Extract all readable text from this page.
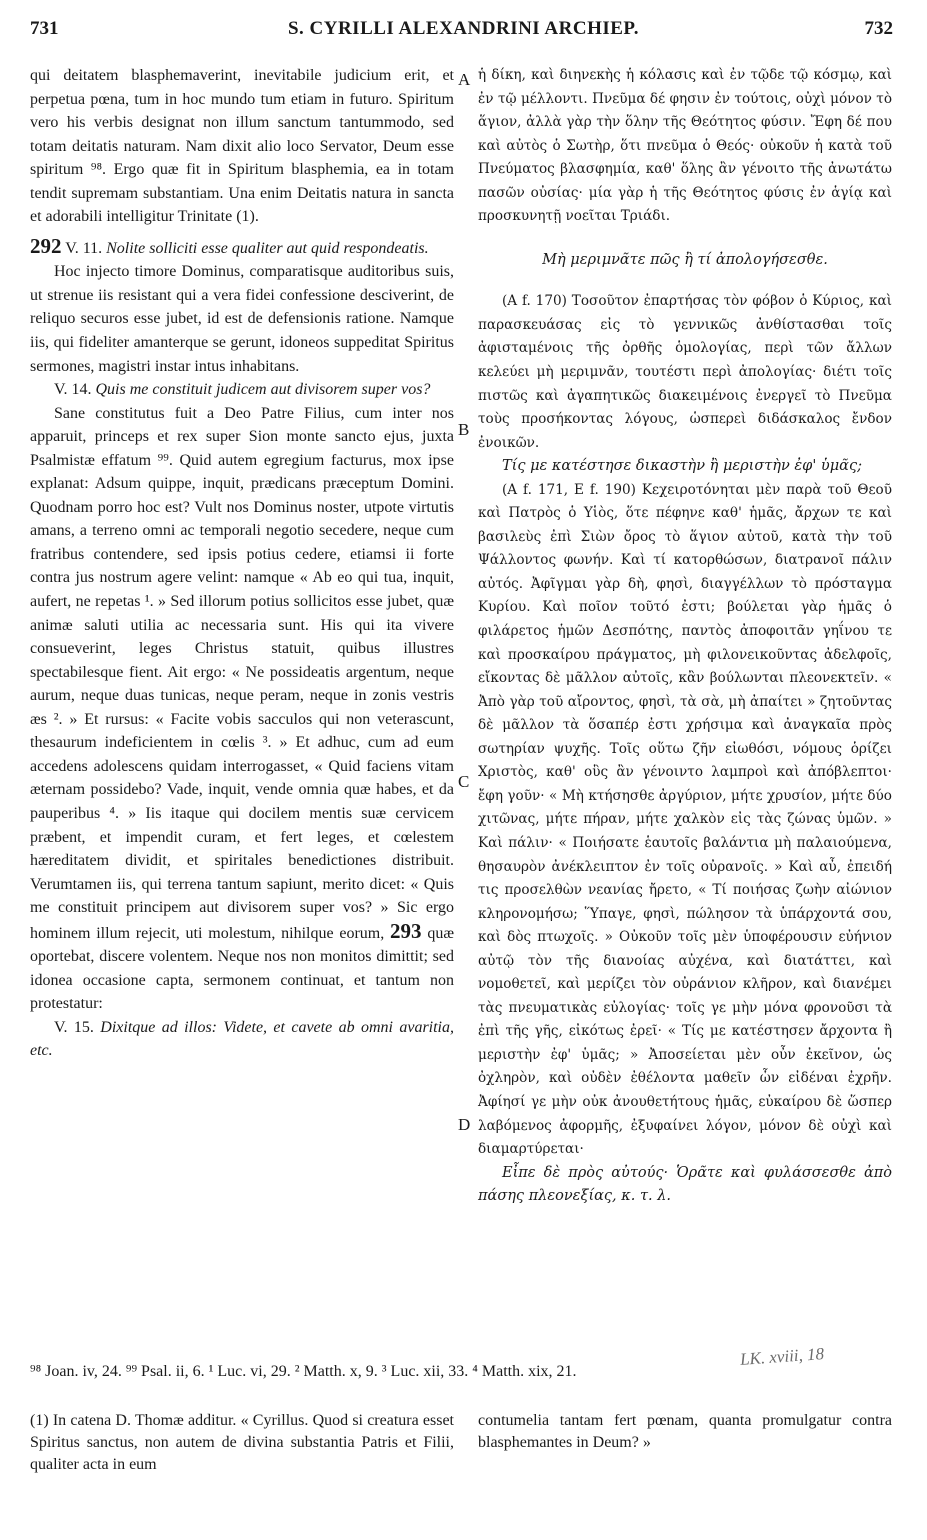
731	S. CYRILLI ALEXANDRINI ARCHIEP.	732

qui deitatem blasphemaverint, inevitabile judicium erit, et perpetua pœna, tum in hoc mundo tum etiam in futuro. Spiritum vero his verbis designat non illum sanctum tantummodo, sed totam deitatis naturam. Nam dixit alio loco Servator, Deum esse spiritum ⁹⁸. Ergo quæ fit in Spiritum blasphemia, ea in totam tendit supremam substantiam. Una enim Deitatis natura in sancta et adorabili intelligitur Trinitate (1).

292 V. 11. Nolite solliciti esse qualiter aut quid respondeatis.

Hoc injecto timore Dominus, comparatisque auditoribus suis, ut strenue iis resistant qui a vera fidei confessione desciverint, de reliquo securos esse jubet, id est de defensionis ratione. Namque iis, qui fideliter amanterque se gerunt, idoneos suppeditat Spiritus sermones, magistri instar intus inhabitans.

V. 14. Quis me constituit judicem aut divisorem super vos?

Sane constitutus fuit a Deo Patre Filius, cum inter nos apparuit, princeps et rex super Sion monte sancto ejus, juxta Psalmistæ effatum ⁹⁹. Quid autem egregium facturus, mox ipse explanat: Adsum quippe, inquit, prædicans præceptum Domini. Quodnam porro hoc est? Vult nos Dominus noster, utpote virtutis amans, a terreno omni ac temporali negotio secedere, neque cum fratribus contendere, sed ipsis potius cedere, etiamsi ii forte contra jus nostrum agere velint: namque « Ab eo qui tua, inquit, aufert, ne repetas ¹. » Sed illorum potius sollicitos esse jubet, quæ animæ saluti utilia ac necessaria sunt. His qui ita vivere consueverint, leges Christus statuit, quibus illustres spectabilesque fient. Ait ergo: « Ne possideatis argentum, neque aurum, neque duas tunicas, neque peram, neque in zonis vestris æs ². » Et rursus: « Facite vobis sacculos qui non veterascunt, thesaurum indeficientem in cœlis ³. » Et adhuc, cum ad eum accedens adolescens quidam interrogasset, « Quid faciens vitam æternam possidebo? Vade, inquit, vende omnia quæ habes, et da pauperibus ⁴. » Iis itaque qui docilem mentis suæ cervicem præbent, et impendit curam, et fert leges, et cœlestem hæreditatem dividit, et spiritales benedictiones distribuit. Verumtamen iis, qui terrena tantum sapiunt, merito dicet: « Quis me constituit principem aut divisorem super vos? » Sic ergo hominem illum rejecit, uti molestum, nihilque eorum, 293 quæ oportebat, discere volentem. Neque nos non monitos dimittit; sed idonea occasione capta, sermonem continuat, et tantum non protestatur:

V. 15. Dixitque ad illos: Videte, et cavete ab omni avaritia, etc.

A
B
C
D

ἡ δίκη, καὶ διηνεκὴς ἡ κόλασις καὶ ἐν τῷδε τῷ κόσμῳ, καὶ ἐν τῷ μέλλοντι. Πνεῦμα δέ φησιν ἐν τούτοις, οὐχὶ μόνον τὸ ἅγιον, ἀλλὰ γὰρ τὴν ὅλην τῆς Θεότητος φύσιν. Ἔφη δέ που καὶ αὐτὸς ὁ Σωτὴρ, ὅτι πνεῦμα ὁ Θεός· οὐκοῦν ἡ κατὰ τοῦ Πνεύματος βλασφημία, καθ' ὅλης ἂν γένοιτο τῆς ἀνωτάτω πασῶν οὐσίας· μία γὰρ ἡ τῆς Θεότητος φύσις ἐν ἁγίᾳ καὶ προσκυνητῇ νοεῖται Τριάδι.

Μὴ μεριμνᾶτε πῶς ἢ τί ἀπολογήσεσθε.

(A f. 170) Τοσοῦτον ἐπαρτήσας τὸν φόβον ὁ Κύριος, καὶ παρασκευάσας εἰς τὸ γεννικῶς ἀνθίστασθαι τοῖς ἀφισταμένοις τῆς ὀρθῆς ὁμολογίας, περὶ τῶν ἄλλων κελεύει μὴ μεριμνᾶν, τουτέστι περὶ ἀπολογίας· διέτι τοῖς πιστῶς καὶ ἀγαπητικῶς διακειμένοις ἐνεργεῖ τὸ Πνεῦμα τοὺς προσήκοντας λόγους, ὡσπερεὶ διδάσκαλος ἔνδον ἐνοικῶν.

Τίς με κατέστησε δικαστὴν ἢ μεριστὴν ἐφ' ὑμᾶς;

(A f. 171, E f. 190) Κεχειροτόνηται μὲν παρὰ τοῦ Θεοῦ καὶ Πατρὸς ὁ Υἱὸς, ὅτε πέφηνε καθ' ἡμᾶς, ἄρχων τε καὶ βασιλεὺς ἐπὶ Σιὼν ὄρος τὸ ἅγιον αὐτοῦ, κατὰ τὴν τοῦ Ψάλλοντος φωνήν. Καὶ τί κατορθώσων, διατρανοῖ πάλιν αὐτός. Ἀφῖγμαι γὰρ δὴ, φησὶ, διαγγέλλων τὸ πρόσταγμα Κυρίου. Καὶ ποῖον τοῦτό ἐστι; βούλεται γὰρ ἡμᾶς ὁ φιλάρετος ἡμῶν Δεσπότης, παντὸς ἀποφοιτᾶν γηΐνου τε καὶ προσκαίρου πράγματος, μὴ φιλονεικοῦντας ἀδελφοῖς, εἴκοντας δὲ μᾶλλον αὐτοῖς, κἂν βούλωνται πλεονεκτεῖν. « Ἀπὸ γὰρ τοῦ αἴροντος, φησὶ, τὰ σὰ, μὴ ἀπαίτει » ζητοῦντας δὲ μᾶλλον τὰ ὅσαπέρ ἐστι χρήσιμα καὶ ἀναγκαῖα πρὸς σωτηρίαν ψυχῆς. Τοῖς οὕτω ζῆν εἰωθόσι, νόμους ὁρίζει Χριστὸς, καθ' οὓς ἂν γένοιντο λαμπροὶ καὶ ἀπόβλεπτοι· ἔφη γοῦν· « Μὴ κτήσησθε ἀργύριον, μήτε χρυσίον, μήτε δύο χιτῶνας, μήτε πήραν, μήτε χαλκὸν εἰς τὰς ζώνας ὑμῶν. » Καὶ πάλιν· « Ποιήσατε ἑαυτοῖς βαλάντια μὴ παλαιούμενα, θησαυρὸν ἀνέκλειπτον ἐν τοῖς οὐρανοῖς. » Καὶ αὖ, ἐπειδή τις προσελθὼν νεανίας ἤρετο, « Τί ποιήσας ζωὴν αἰώνιον κληρονομήσω; Ὕπαγε, φησὶ, πώλησον τὰ ὑπάρχοντά σου, καὶ δὸς πτωχοῖς. » Οὐκοῦν τοῖς μὲν ὑποφέρουσιν εὐήνιον αὐτῷ τὸν τῆς διανοίας αὐχένα, καὶ διατάττει, καὶ νομοθετεῖ, καὶ μερίζει τὸν οὐράνιον κλῆρον, καὶ διανέμει τὰς πνευματικὰς εὐλογίας· τοῖς γε μὴν μόνα φρονοῦσι τὰ ἐπὶ τῆς γῆς, εἰκότως ἐρεῖ· « Τίς με κατέστησεν ἄρχοντα ἢ μεριστὴν ἐφ' ὑμᾶς; » Ἀποσείεται μὲν οὖν ἐκεῖνον, ὡς ὀχληρὸν, καὶ οὐδὲν ἐθέλοντα μαθεῖν ὧν εἰδέναι ἐχρῆν. Ἀφίησί γε μὴν οὐκ ἀνουθετήτους ἡμᾶς, εὐκαίρου δὲ ὥσπερ λαβόμενος ἀφορμῆς, ἐξυφαίνει λόγον, μόνον δὲ οὐχὶ καὶ διαμαρτύρεται·

Εἶπε δὲ πρὸς αὐτούς· Ὁρᾶτε καὶ φυλάσσεσθε ἀπὸ πάσης πλεονεξίας, κ. τ. λ.

⁹⁸ Joan. iv, 24. ⁹⁹ Psal. ii, 6. ¹ Luc. vi, 29. ² Matth. x, 9. ³ Luc. xii, 33. ⁴ Matth. xix, 21.
LK. xviii, 18

(1) In catena D. Thomæ additur. « Cyrillus. Quod si creatura esset Spiritus sanctus, non autem de divina substantia Patris et Filii, qualiter acta in eum

contumelia tantam fert pœnam, quanta promulgatur contra blasphemantes in Deum? »
